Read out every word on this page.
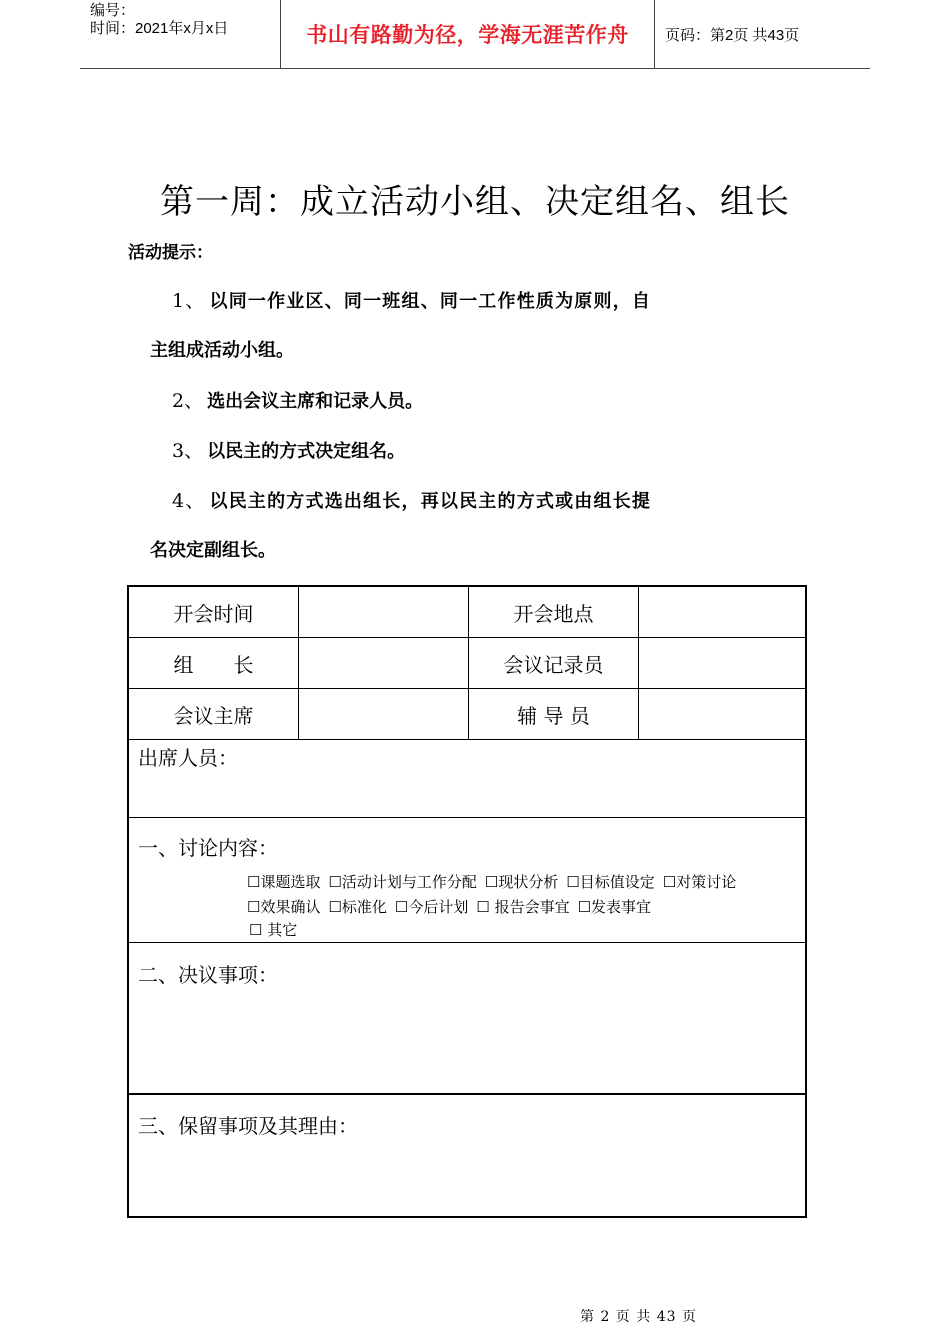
编号：
时间：2021年x月x日	书山有路勤为径，学海无涯苦作舟	页码：第2页 共43页
第一周：成立活动小组、决定组名、组长
活动提示：
1、 以同一作业区、同一班组、同一工作性质为原则，自
主组成活动小组。
2、 选出会议主席和记录人员。
3、 以民主的方式决定组名。
4、 以民主的方式选出组长，再以民主的方式或由组长提
名决定副组长。
开会时间	开会地点
组　　长	会议记录员
会议主席	辅 导 员
出席人员：
一、讨论内容：
☐课题选取 ☐活动计划与工作分配 ☐现状分析 ☐目标值设定 ☐对策讨论
☐效果确认 ☐标准化 ☐今后计划 ☐ 报告会事宜 ☐发表事宜
☐ 其它
二、决议事项：
三、保留事项及其理由：
第 2 页 共 43 页
